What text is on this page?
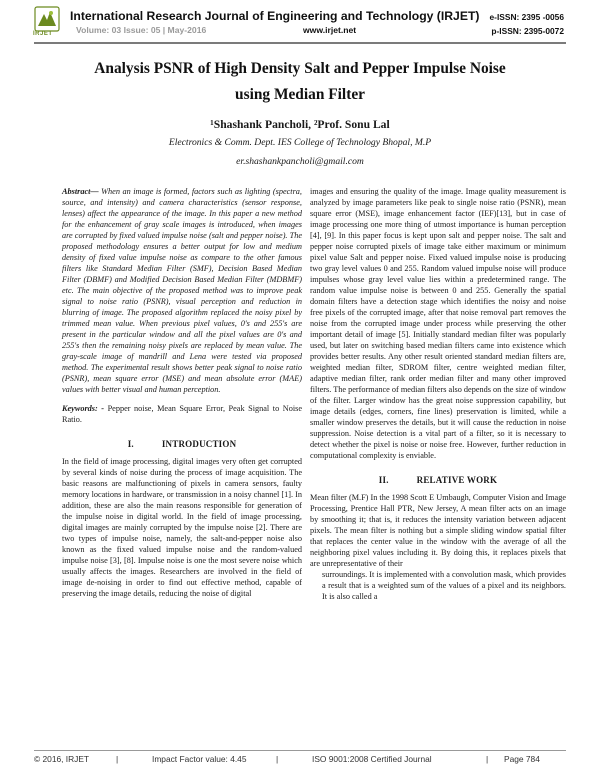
IRJET
International Research Journal of Engineering and Technology (IRJET)
Volume: 03 Issue: 05 | May-2016	www.irjet.net
e-ISSN: 2395 -0056
p-ISSN: 2395-0072
Analysis PSNR of High Density Salt and Pepper Impulse Noise
using Median Filter
¹Shashank Pancholi, ²Prof. Sonu Lal
Electronics & Comm. Dept. IES College of Technology Bhopal, M.P
er.shashankpancholi@gmail.com

Abstract— When an image is formed, factors such as lighting (spectra, source, and intensity) and camera characteristics (sensor response, lenses) affect the appearance of the image. In this paper a new method for the enhancement of gray scale images is introduced, when images are corrupted by fixed valued impulse noise (salt and pepper noise). The proposed methodology ensures a better output for low and medium density of fixed value impulse noise as compare to the other famous filters like Standard Median Filter (SMF), Decision Based Median Filter (DBMF) and Modified Decision Based Median Filter (MDBMF) etc. The main objective of the proposed method was to improve peak signal to noise ratio (PSNR), visual perception and reduction in blurring of image. The proposed algorithm replaced the noisy pixel by trimmed mean value. When previous pixel values, 0's and 255's are present in the particular window and all the pixel values are 0's and 255's then the remaining noisy pixels are replaced by mean value. The gray-scale image of mandrill and Lena were tested via proposed method. The experimental result shows better peak signal to noise ratio (PSNR), mean square error (MSE) and mean absolute error (MAE) values with better visual and human perception.

Keywords: - Pepper noise, Mean Square Error, Peak Signal to Noise Ratio.

I.	INTRODUCTION

In the field of image processing, digital images very often get corrupted by several kinds of noise during the process of image acquisition. The basic reasons are malfunctioning of pixels in camera sensors, faulty memory locations in hardware, or transmission in a noisy channel [1]. In addition, these are also the main reasons responsible for generation of the impulse noise in digital world. In the field of image processing, digital images are mainly corrupted by the impulse noise [2]. There are two types of impulse noise, namely, the salt-and-pepper noise also known as the fixed valued impulse noise and the random-valued impulse noise [3], [8]. Impulse noise is one the most severe noise which usually affects the images. Researchers are involved in the field of image de-noising in order to find out effective method, capable of preserving the image details, reducing the noise of digital

images and ensuring the quality of the image. Image quality measurement is analyzed by image parameters like peak to single noise ratio (PSNR), mean square error (MSE), image enhancement factor (IEF)[13], but in case of image processing one more thing of utmost importance is human perception [4], [9]. In this paper focus is kept upon salt and pepper noise. The salt and pepper noise corrupted pixels of image take either maximum or minimum pixel value Salt and pepper noise. Fixed valued impulse noise is producing two gray level values 0 and 255. Random valued impulse noise will produce impulses whose gray level value lies within a predetermined range. The random value impulse noise is between 0 and 255. Generally the spatial domain filters have a detection stage which identifies the noisy and noise free pixels of the corrupted image, after that noise removal part removes the noise from the corrupted image under process while preserving the other important detail of image [5]. Initially standard median filter was popularly used, but later on switching based median filters came into existence which provides better results. Any other result oriented standard median filters are, weighted median filter, SDROM filter, centre weighted median filter, adaptive median filter, rank order median filter and many other improved filters. The performance of median filters also depends on the size of window of the filter. Larger window has the great noise suppression capability, but image details (edges, corners, fine lines) preservation is limited, while a smaller window preserves the details, but it will cause the reduction in noise suppression. Noise detection is a vital part of a filter, so it is necessary to detect whether the pixel is noise or noise free. However, further reduction in computational complexity is enviable.

II.	RELATIVE WORK

Mean filter (M.F) In the 1998 Scott E Umbaugh, Computer Vision and Image Processing, Prentice Hall PTR, New Jersey, A mean filter acts on an image by smoothing it; that is, it reduces the intensity variation between adjacent pixels. The mean filter is nothing but a simple sliding window spatial filter that replaces the center value in the window with the average of all the neighboring pixel values including it. By doing this, it replaces pixels that are unrepresentative of their

surroundings. It is implemented with a convolution mask, which provides a result that is a weighted sum of the values of a pixel and its neighbors. It is also called a

© 2016, IRJET	|	Impact Factor value: 4.45	|	ISO 9001:2008 Certified Journal	| Page 784
